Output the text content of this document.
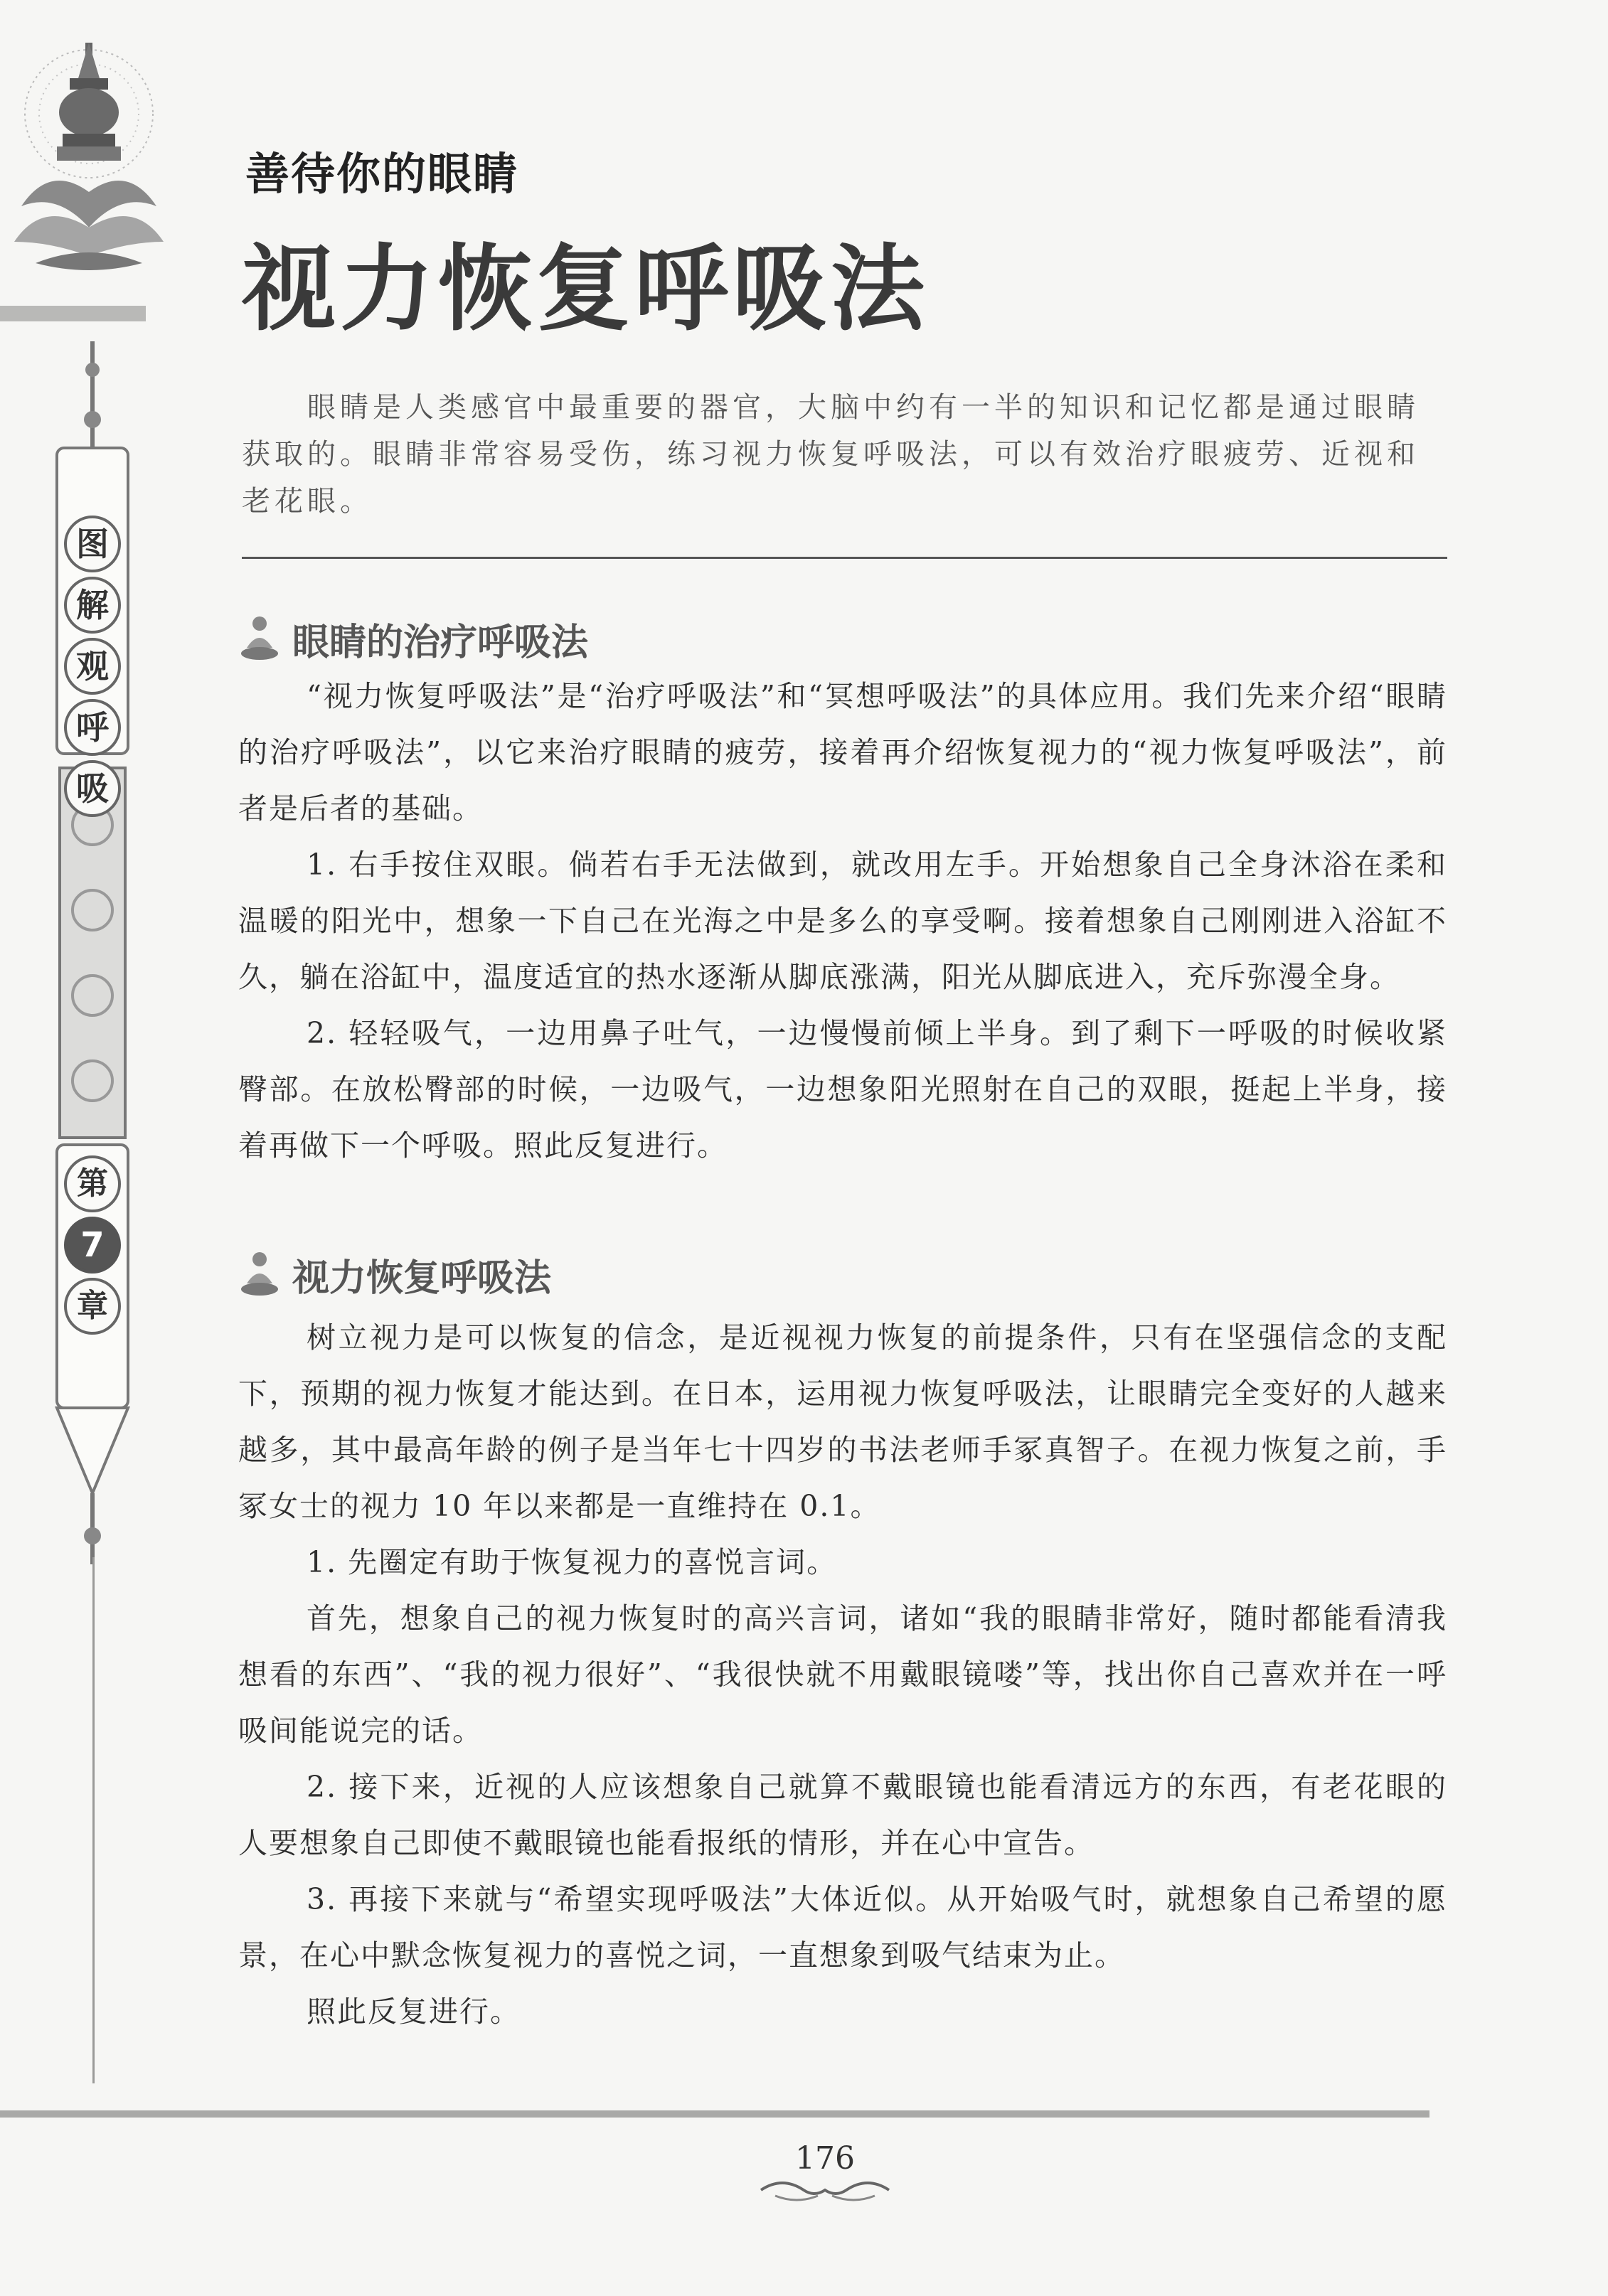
图
解
观
呼
吸
第
7
章
善待你的眼睛
视力恢复呼吸法

眼睛是人类感官中最重要的器官，大脑中约有一半的知识和记忆都是通过眼睛获取的。眼睛非常容易受伤，练习视力恢复呼吸法，可以有效治疗眼疲劳、近视和老花眼。

眼睛的治疗呼吸法

“视力恢复呼吸法”是“治疗呼吸法”和“冥想呼吸法”的具体应用。我们先来介绍“眼睛的治疗呼吸法”，以它来治疗眼睛的疲劳，接着再介绍恢复视力的“视力恢复呼吸法”，前者是后者的基础。

1. 右手按住双眼。倘若右手无法做到，就改用左手。开始想象自己全身沐浴在柔和温暖的阳光中，想象一下自己在光海之中是多么的享受啊。接着想象自己刚刚进入浴缸不久，躺在浴缸中，温度适宜的热水逐渐从脚底涨满，阳光从脚底进入，充斥弥漫全身。

2. 轻轻吸气，一边用鼻子吐气，一边慢慢前倾上半身。到了剩下一呼吸的时候收紧臀部。在放松臀部的时候，一边吸气，一边想象阳光照射在自己的双眼，挺起上半身，接着再做下一个呼吸。照此反复进行。

视力恢复呼吸法

树立视力是可以恢复的信念，是近视视力恢复的前提条件，只有在坚强信念的支配下，预期的视力恢复才能达到。在日本，运用视力恢复呼吸法，让眼睛完全变好的人越来越多，其中最高年龄的例子是当年七十四岁的书法老师手冢真智子。在视力恢复之前，手冢女士的视力 10 年以来都是一直维持在 0.1。

1. 先圈定有助于恢复视力的喜悦言词。

首先，想象自己的视力恢复时的高兴言词，诸如“我的眼睛非常好，随时都能看清我想看的东西”、“我的视力很好”、“我很快就不用戴眼镜喽”等，找出你自己喜欢并在一呼吸间能说完的话。

2. 接下来，近视的人应该想象自己就算不戴眼镜也能看清远方的东西，有老花眼的人要想象自己即使不戴眼镜也能看报纸的情形，并在心中宣告。

3. 再接下来就与“希望实现呼吸法”大体近似。从开始吸气时，就想象自己希望的愿景，在心中默念恢复视力的喜悦之词，一直想象到吸气结束为止。

照此反复进行。

176
